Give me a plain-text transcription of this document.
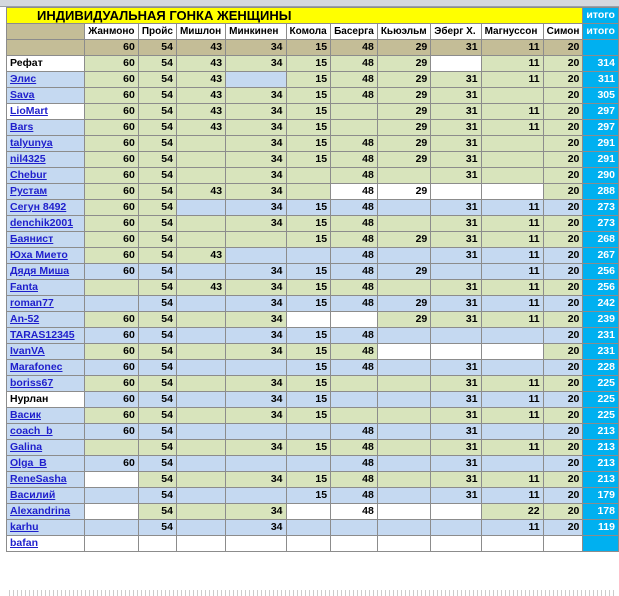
ИНДИВИДУАЛЬНАЯ ГОНКА ЖЕНЩИНЫ											итого
	Жанмоно	Пройс	Мишлон	Минкинен	Комола	Басерга	Кьюэльм	Эберг Х.	Магнуссон	Симон	итого
	60	54	43	34	15	48	29	31	11	20	
Рефат	60	54	43	34	15	48	29		11	20	314
Элис	60	54	43		15	48	29	31	11	20	311
Sava	60	54	43	34	15	48	29	31		20	305
LioMart	60	54	43	34	15		29	31	11	20	297
Bars	60	54	43	34	15		29	31	11	20	297
talyunya	60	54		34	15	48	29	31		20	291
nil4325	60	54		34	15	48	29	31		20	291
Chebur	60	54		34		48		31		20	290
Рустам	60	54	43	34		48	29			20	288
Сегун 8492	60	54		34	15	48		31	11	20	273
denchik2001	60	54		34	15	48		31	11	20	273
Баянист	60	54			15	48	29	31	11	20	268
Юха Мието	60	54	43			48		31	11	20	267
Дядя Миша	60	54		34	15	48	29		11	20	256
Fanta		54	43	34	15	48		31	11	20	256
roman77		54		34	15	48	29	31	11	20	242
An-52	60	54		34			29	31	11	20	239
TARAS12345	60	54		34	15	48				20	231
IvanVA	60	54		34	15	48				20	231
Marafonec	60	54			15	48		31		20	228
boriss67	60	54		34	15			31	11	20	225
Нурлан	60	54		34	15			31	11	20	225
Васик	60	54		34	15			31	11	20	225
coach_b	60	54				48		31		20	213
Galina		54		34	15	48		31	11	20	213
Olga_B	60	54				48		31		20	213
ReneSasha		54		34	15	48		31	11	20	213
Василий		54			15	48		31	11	20	179
Alexandrina		54		34		48			22	20	178
karhu		54		34					11	20	119
bafan											
